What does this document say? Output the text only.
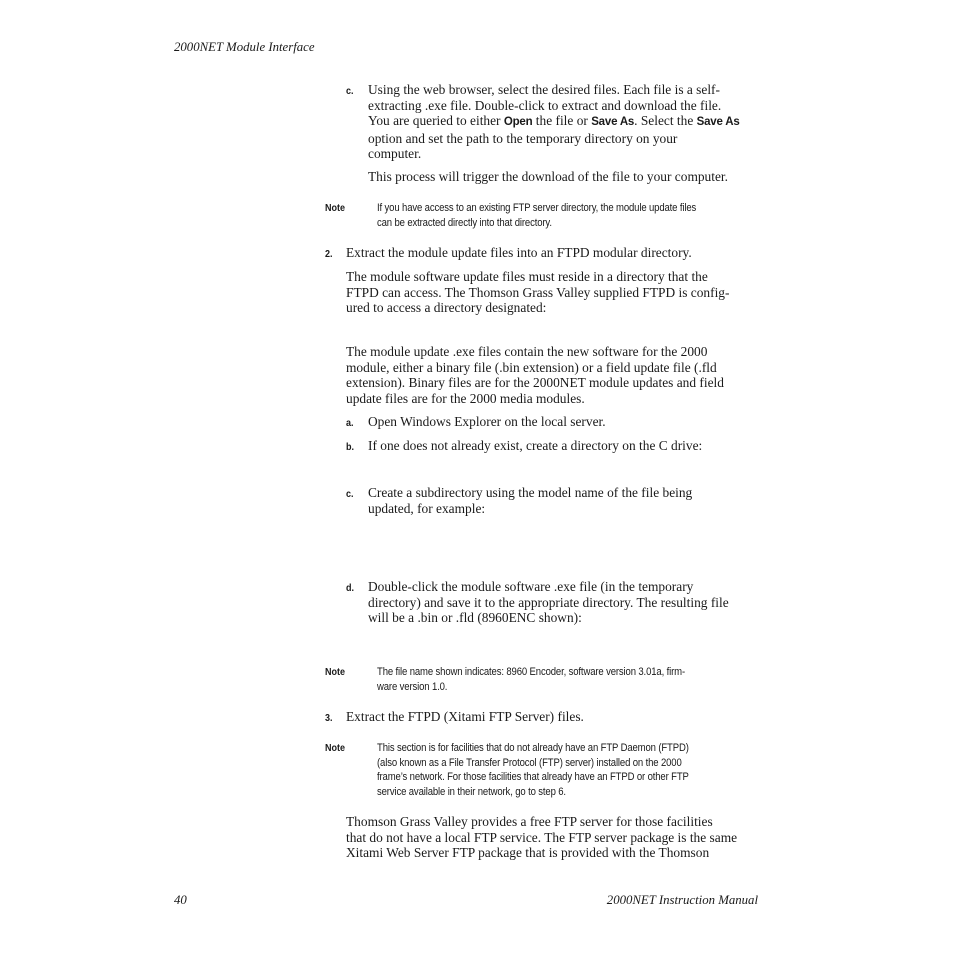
2000NET Module Interface
c. Using the web browser, select the desired files. Each file is a self-
extracting .exe file. Double-click to extract and download the file.
You are queried to either Open the file or Save As. Select the Save As
option and set the path to the temporary directory on your
computer.
This process will trigger the download of the file to your computer.
Note	If you have access to an existing FTP server directory, the module update files
can be extracted directly into that directory.
2. Extract the module update files into an FTPD modular directory.
The module software update files must reside in a directory that the
FTPD can access. The Thomson Grass Valley supplied FTPD is config-
ured to access a directory designated:
The module update .exe files contain the new software for the 2000
module, either a binary file (.bin extension) or a field update file (.fld
extension). Binary files are for the 2000NET module updates and field
update files are for the 2000 media modules.
a. Open Windows Explorer on the local server.
b. If one does not already exist, create a directory on the C drive:
c. Create a subdirectory using the model name of the file being
updated, for example:
d. Double-click the module software .exe file (in the temporary
directory) and save it to the appropriate directory. The resulting file
will be a .bin or .fld (8960ENC shown):
Note	The file name shown indicates: 8960 Encoder, software version 3.01a, firm-
ware version 1.0.
3. Extract the FTPD (Xitami FTP Server) files.
Note	This section is for facilities that do not already have an FTP Daemon (FTPD)
(also known as a File Transfer Protocol (FTP) server) installed on the 2000
frame’s network. For those facilities that already have an FTPD or other FTP
service available in their network, go to step 6.
Thomson Grass Valley provides a free FTP server for those facilities
that do not have a local FTP service. The FTP server package is the same
Xitami Web Server FTP package that is provided with the Thomson
40	2000NET Instruction Manual
